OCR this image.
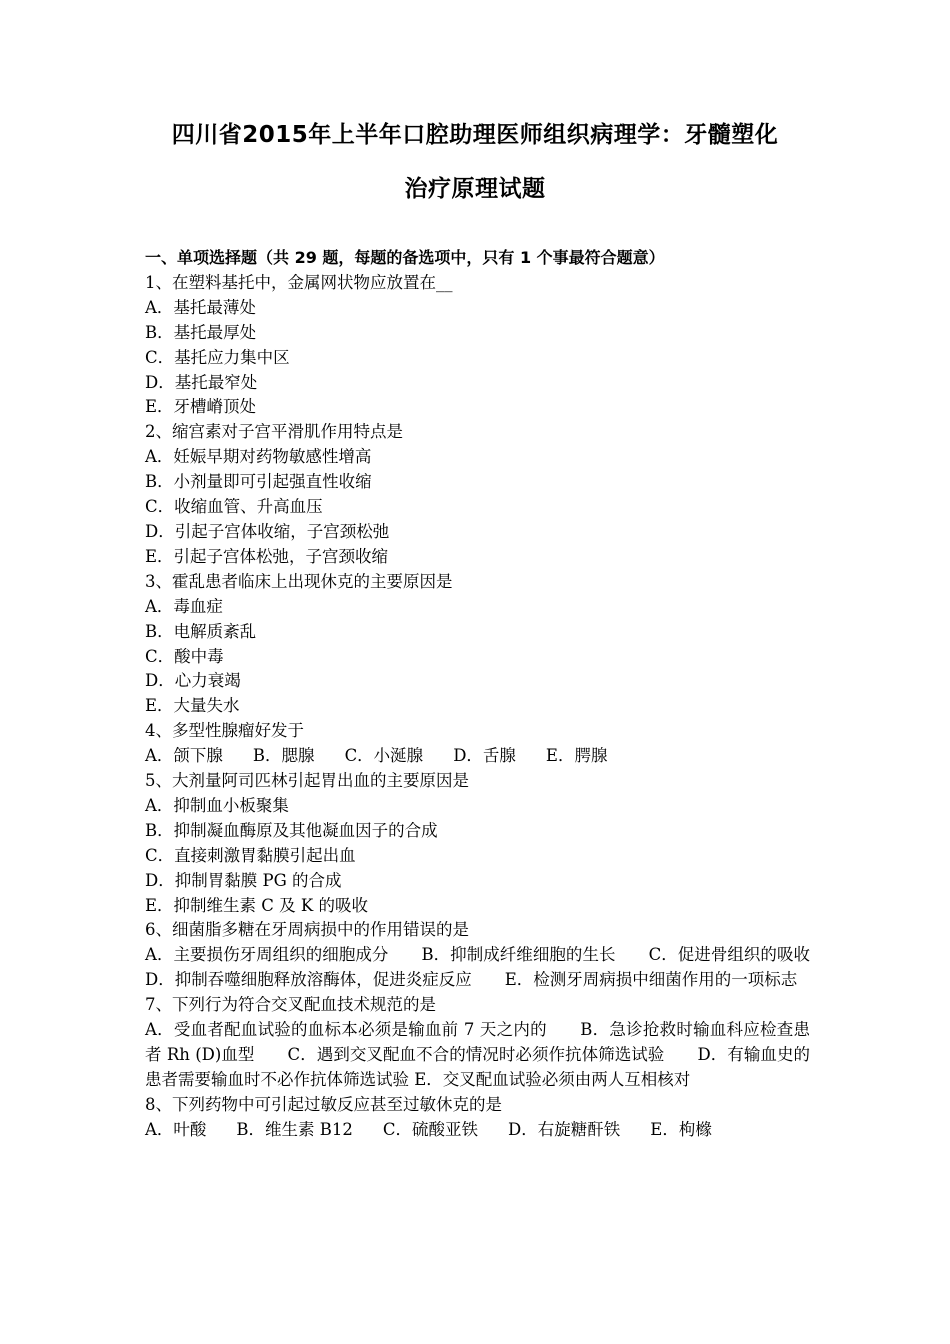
四川省2015年上半年口腔助理医师组织病理学：牙髓塑化
治疗原理试题
一、单项选择题（共 29 题，每题的备选项中，只有 1 个事最符合题意）
1、在塑料基托中，金属网状物应放置在__
A．基托最薄处
B．基托最厚处
C．基托应力集中区
D．基托最窄处
E．牙槽嵴顶处
2、缩宫素对子宫平滑肌作用特点是
A．妊娠早期对药物敏感性增高
B．小剂量即可引起强直性收缩
C．收缩血管、升高血压
D．引起子宫体收缩，子宫颈松弛
E．引起子宫体松弛，子宫颈收缩
3、霍乱患者临床上出现休克的主要原因是
A．毒血症
B．电解质紊乱
C．酸中毒
D．心力衰竭
E．大量失水
4、多型性腺瘤好发于
A．颌下腺 B．腮腺 C．小涎腺 D．舌腺 E．腭腺
5、大剂量阿司匹林引起胃出血的主要原因是
A．抑制血小板聚集
B．抑制凝血酶原及其他凝血因子的合成
C．直接刺激胃黏膜引起出血
D．抑制胃黏膜 PG 的合成
E．抑制维生素 C 及 K 的吸收
6、细菌脂多糖在牙周病损中的作用错误的是
A．主要损伤牙周组织的细胞成分　　B．抑制成纤维细胞的生长　　C．促进骨组织的吸收　　D．抑制吞噬细胞释放溶酶体，促进炎症反应　　E．检测牙周病损中细菌作用的一项标志
7、下列行为符合交叉配血技术规范的是
A．受血者配血试验的血标本必须是输血前 7 天之内的　　B．急诊抢救时输血科应检查患者 Rh (D)血型　　C．遇到交叉配血不合的情况时必须作抗体筛选试验　　D．有输血史的患者需要输血时不必作抗体筛选试验 E．交叉配血试验必须由两人互相核对
8、下列药物中可引起过敏反应甚至过敏休克的是
A．叶酸 B．维生素 B12 C．硫酸亚铁 D．右旋糖酐铁 E．枸橼
